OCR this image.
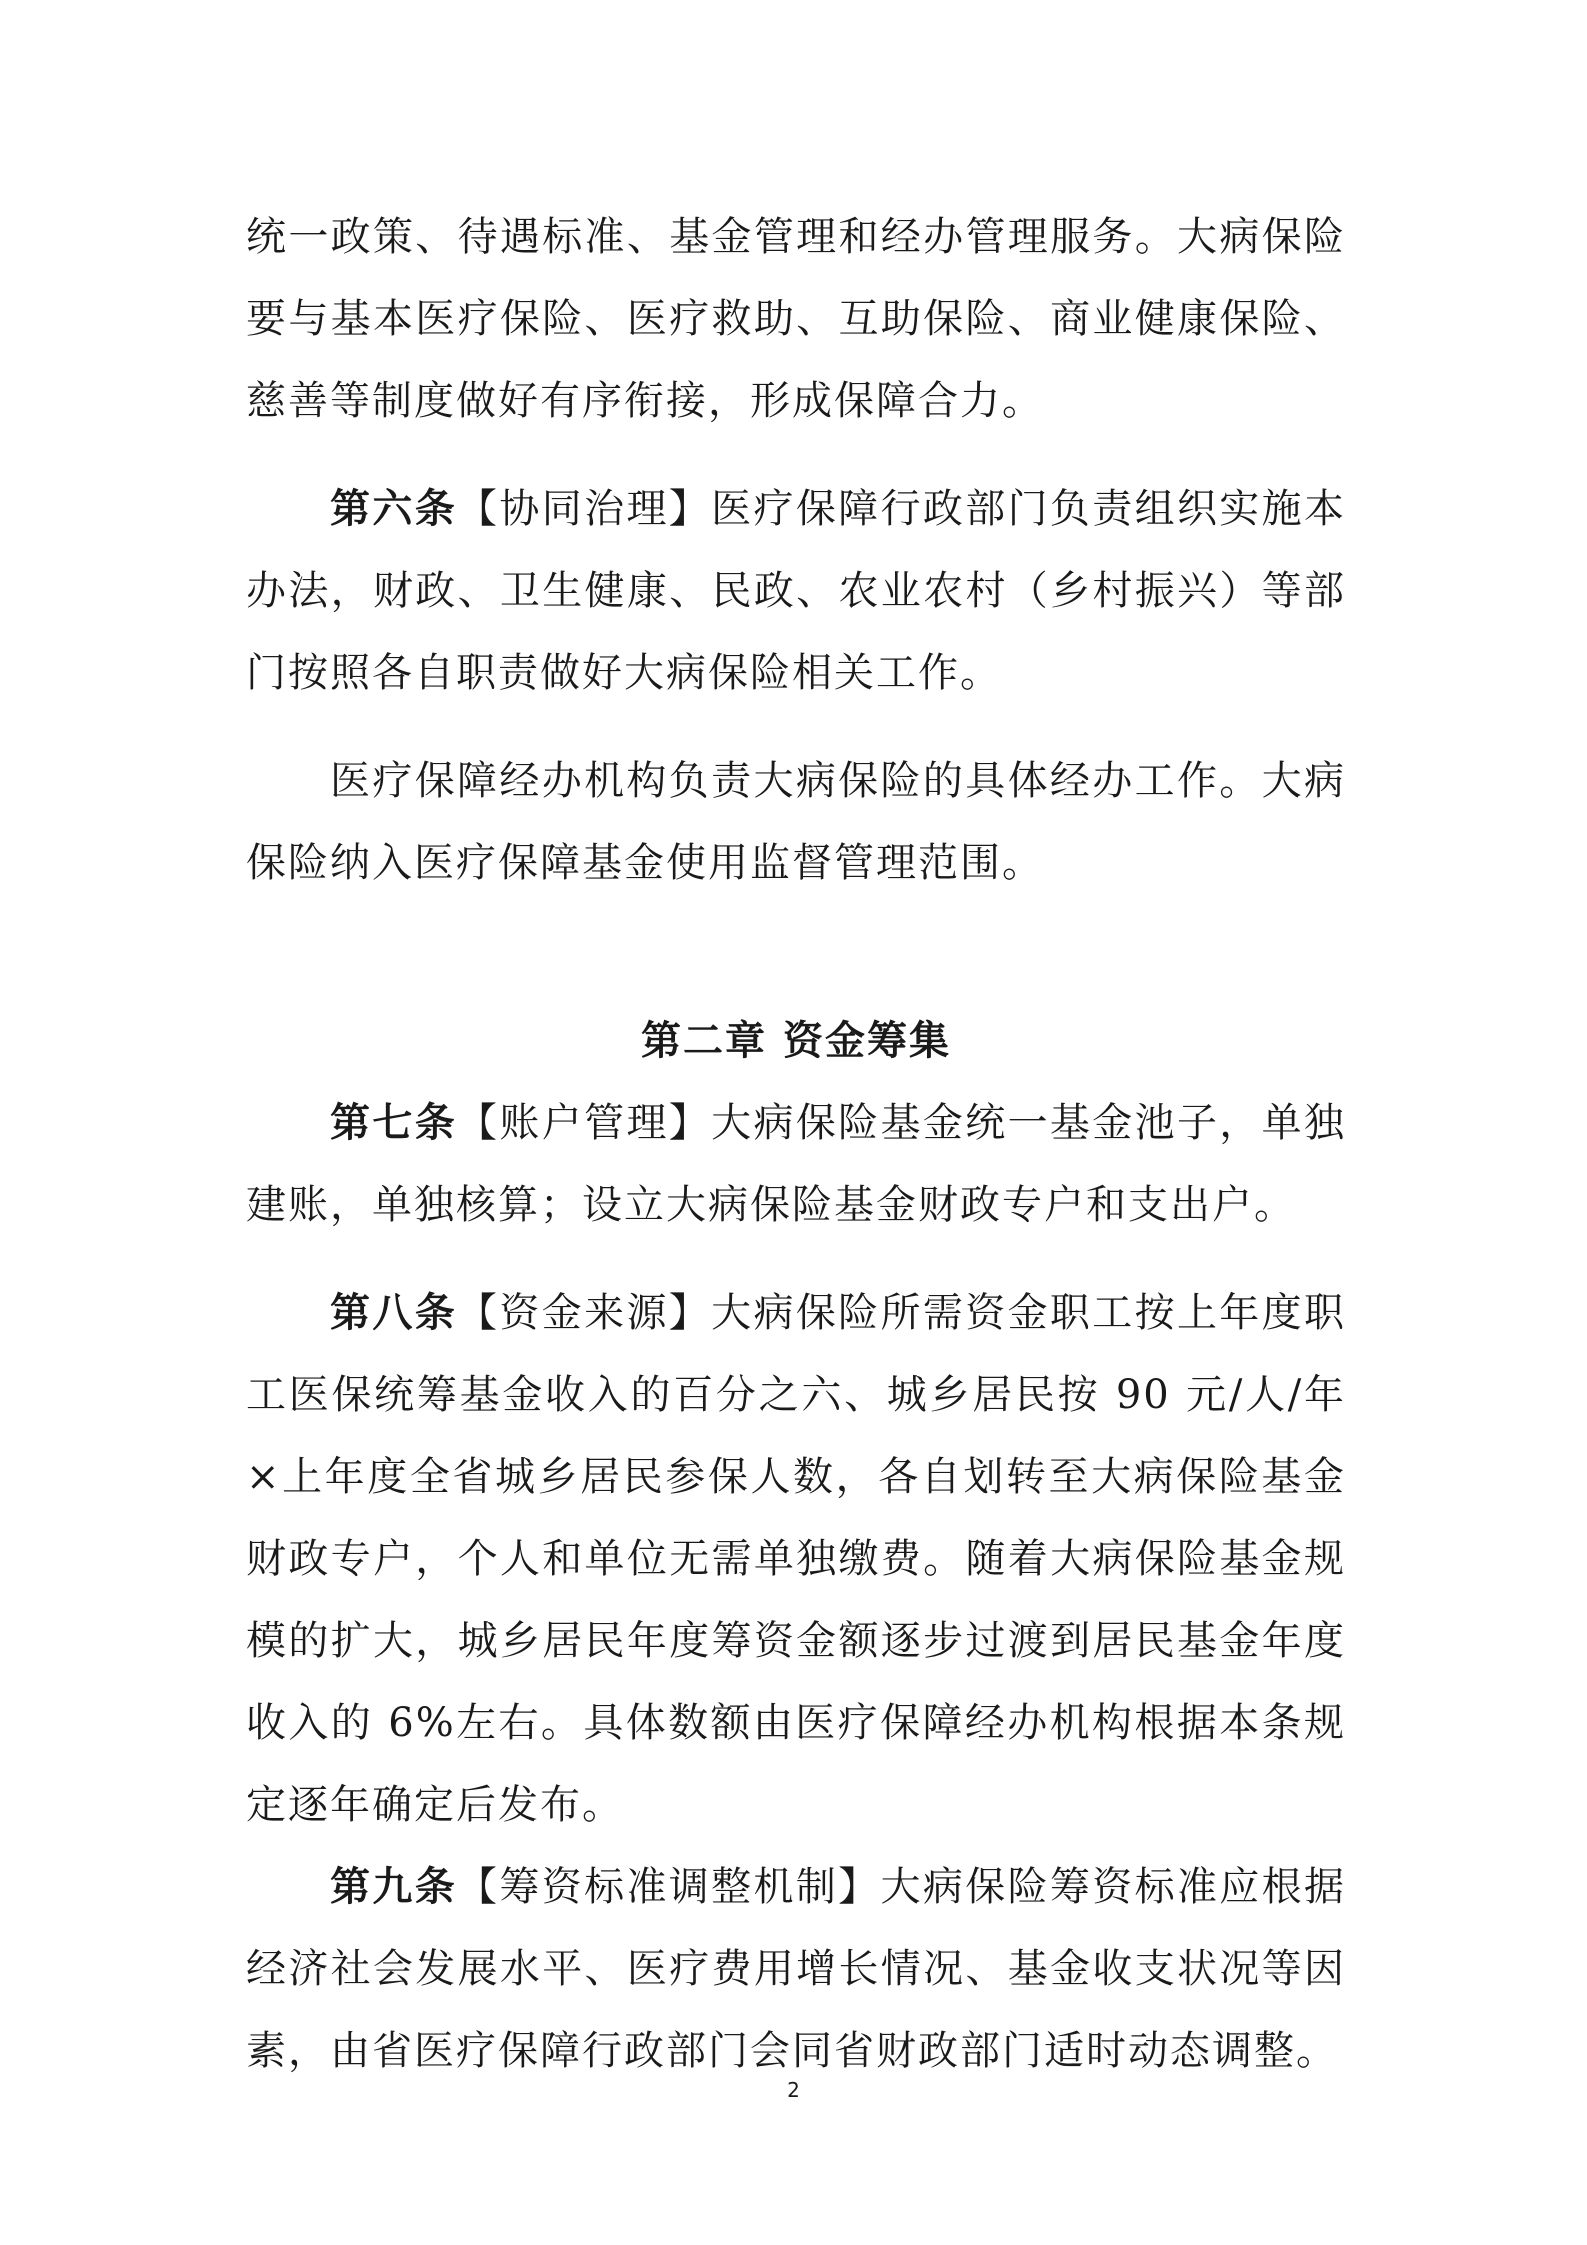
统一政策、待遇标准、基金管理和经办管理服务。大病保险要与基本医疗保险、医疗救助、互助保险、商业健康保险、慈善等制度做好有序衔接，形成保障合力。

第六条【协同治理】医疗保障行政部门负责组织实施本办法，财政、卫生健康、民政、农业农村（乡村振兴）等部门按照各自职责做好大病保险相关工作。

医疗保障经办机构负责大病保险的具体经办工作。大病保险纳入医疗保障基金使用监督管理范围。

第二章 资金筹集

第七条【账户管理】大病保险基金统一基金池子，单独建账，单独核算；设立大病保险基金财政专户和支出户。

第八条【资金来源】大病保险所需资金职工按上年度职工医保统筹基金收入的百分之六、城乡居民按 90 元/人/年×上年度全省城乡居民参保人数，各自划转至大病保险基金财政专户，个人和单位无需单独缴费。随着大病保险基金规模的扩大，城乡居民年度筹资金额逐步过渡到居民基金年度收入的 6%左右。具体数额由医疗保障经办机构根据本条规定逐年确定后发布。

第九条【筹资标准调整机制】大病保险筹资标准应根据经济社会发展水平、医疗费用增长情况、基金收支状况等因素，由省医疗保障行政部门会同省财政部门适时动态调整。

2
